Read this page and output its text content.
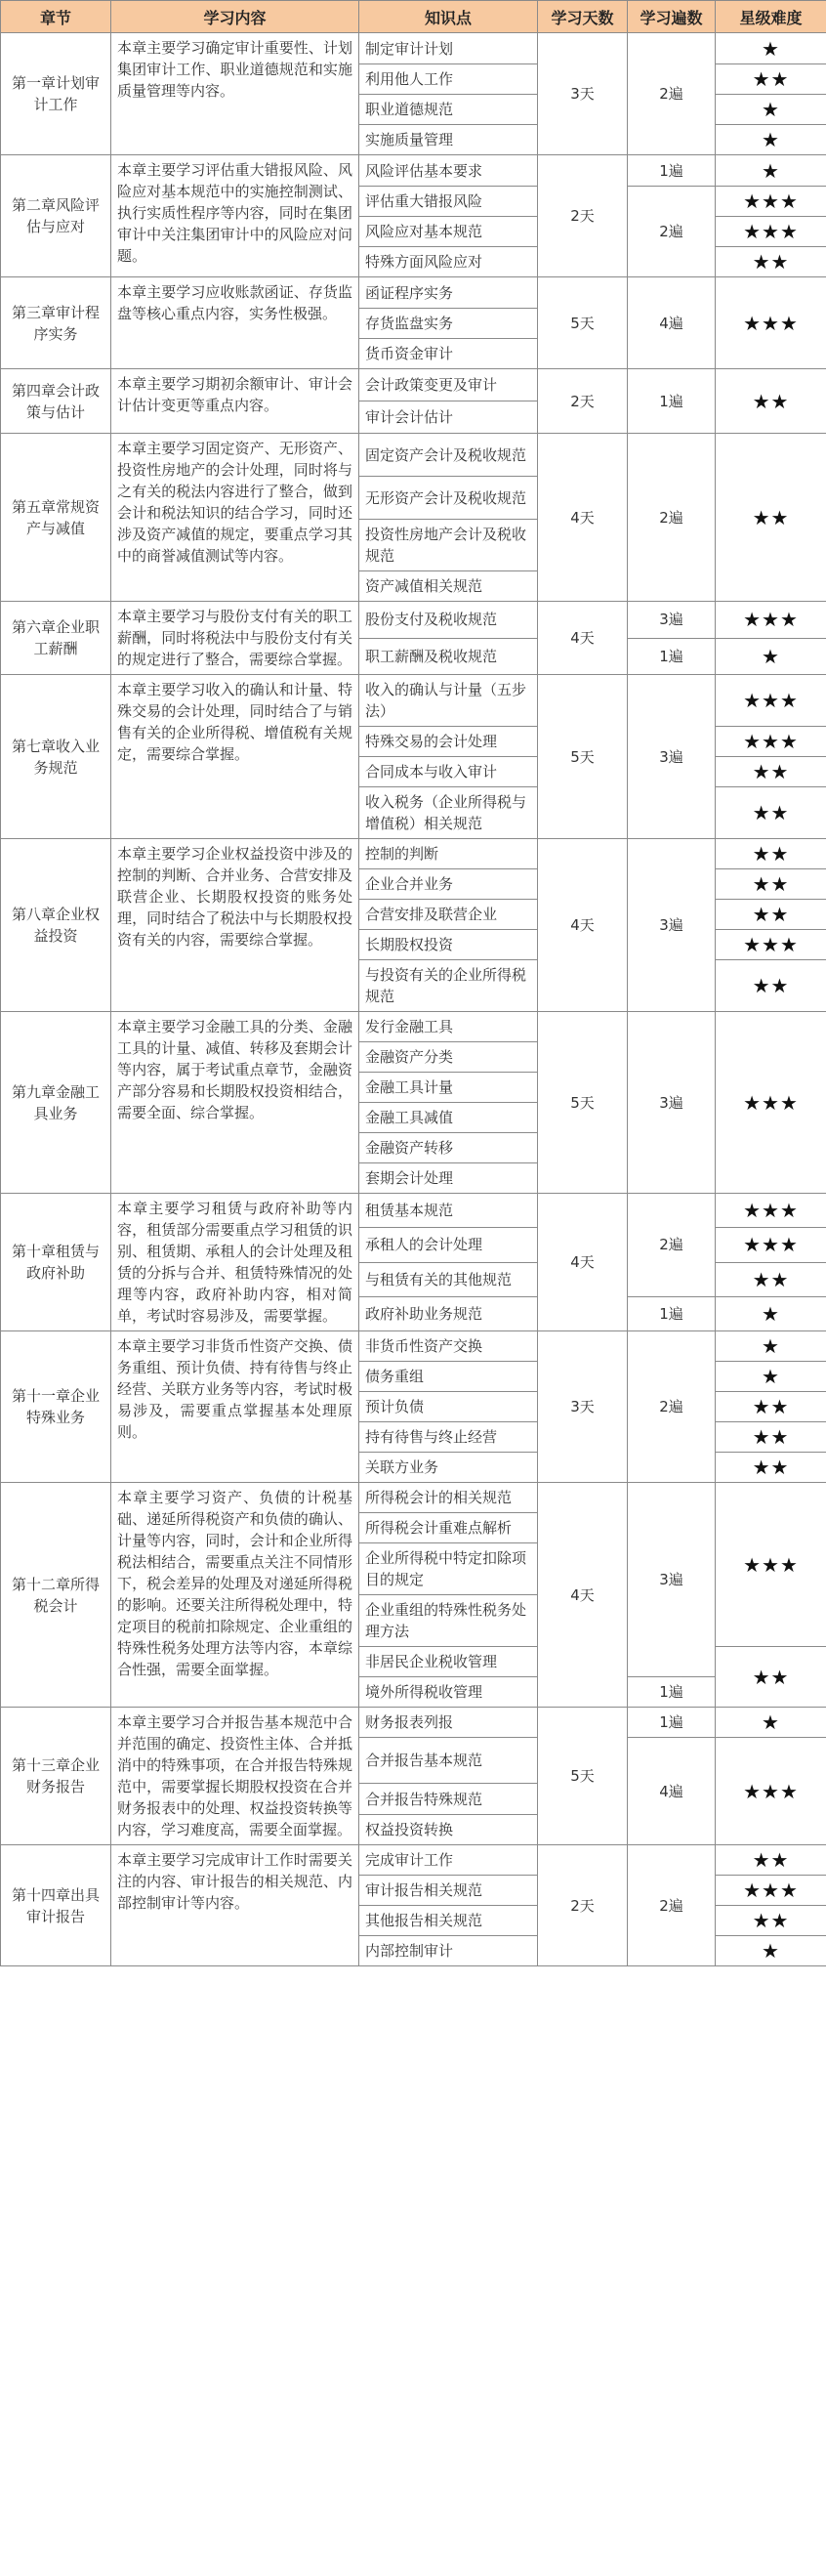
章节	学习内容	知识点	学习天数	学习遍数	星级难度
第一章计划审计工作	本章主要学习确定审计重要性、计划集团审计工作、职业道德规范和实施质量管理等内容。	制定审计计划	3天	2遍	★
		利用他人工作			★★
		职业道德规范			★
		实施质量管理			★
第二章风险评估与应对	本章主要学习评估重大错报风险、风险应对基本规范中的实施控制测试、执行实质性程序等内容，同时在集团审计中关注集团审计中的风险应对问题。	风险评估基本要求	2天	1遍	★
		评估重大错报风险		2遍	★★★
		风险应对基本规范			★★★
		特殊方面风险应对			★★
第三章审计程序实务	本章主要学习应收账款函证、存货监盘等核心重点内容，实务性极强。	函证程序实务	5天	4遍	★★★
		存货监盘实务			
		货币资金审计			
第四章会计政策与估计	本章主要学习期初余额审计、审计会计估计变更等重点内容。	会计政策变更及审计	2天	1遍	★★
		审计会计估计			
第五章常规资产与减值	本章主要学习固定资产、无形资产、投资性房地产的会计处理，同时将与之有关的税法内容进行了整合，做到会计和税法知识的结合学习，同时还涉及资产减值的规定，要重点学习其中的商誉减值测试等内容。	固定资产会计及税收规范	4天	2遍	★★
		无形资产会计及税收规范			
		投资性房地产会计及税收规范			
		资产减值相关规范			
第六章企业职工薪酬	本章主要学习与股份支付有关的职工薪酬，同时将税法中与股份支付有关的规定进行了整合，需要综合掌握。	股份支付及税收规范	4天	3遍	★★★
		职工薪酬及税收规范		1遍	★
第七章收入业务规范	本章主要学习收入的确认和计量、特殊交易的会计处理，同时结合了与销售有关的企业所得税、增值税有关规定，需要综合掌握。	收入的确认与计量（五步法）	5天	3遍	★★★
		特殊交易的会计处理			★★★
		合同成本与收入审计			★★
		收入税务（企业所得税与增值税）相关规范			★★
第八章企业权益投资	本章主要学习企业权益投资中涉及的控制的判断、合并业务、合营安排及联营企业、长期股权投资的账务处理，同时结合了税法中与长期股权投资有关的内容，需要综合掌握。	控制的判断	4天	3遍	★★
		企业合并业务			★★
		合营安排及联营企业			★★
		长期股权投资			★★★
		与投资有关的企业所得税规范			★★
第九章金融工具业务	本章主要学习金融工具的分类、金融工具的计量、减值、转移及套期会计等内容，属于考试重点章节，金融资产部分容易和长期股权投资相结合，需要全面、综合掌握。	发行金融工具	5天	3遍	★★★
		金融资产分类			
		金融工具计量			
		金融工具减值			
		金融资产转移			
		套期会计处理			
第十章租赁与政府补助	本章主要学习租赁与政府补助等内容，租赁部分需要重点学习租赁的识别、租赁期、承租人的会计处理及租赁的分拆与合并、租赁特殊情况的处理等内容，政府补助内容，相对简单，考试时容易涉及，需要掌握。	租赁基本规范	4天	2遍	★★★
		承租人的会计处理			★★★
		与租赁有关的其他规范			★★
		政府补助业务规范		1遍	★
第十一章企业特殊业务	本章主要学习非货币性资产交换、债务重组、预计负债、持有待售与终止经营、关联方业务等内容，考试时极易涉及，需要重点掌握基本处理原则。	非货币性资产交换	3天	2遍	★
		债务重组			★
		预计负债			★★
		持有待售与终止经营			★★
		关联方业务			★★
第十二章所得税会计	本章主要学习资产、负债的计税基础、递延所得税资产和负债的确认、计量等内容，同时，会计和企业所得税法相结合，需要重点关注不同情形下，税会差异的处理及对递延所得税的影响。还要关注所得税处理中，特定项目的税前扣除规定、企业重组的特殊性税务处理方法等内容，本章综合性强，需要全面掌握。	所得税会计的相关规范	4天	3遍	★★★
		所得税会计重难点解析			
		企业所得税中特定扣除项目的规定			
		企业重组的特殊性税务处理方法			
		非居民企业税收管理			★★
		境外所得税收管理		1遍	
第十三章企业财务报告	本章主要学习合并报告基本规范中合并范围的确定、投资性主体、合并抵消中的特殊事项，在合并报告特殊规范中，需要掌握长期股权投资在合并财务报表中的处理、权益投资转换等内容，学习难度高，需要全面掌握。	财务报表列报	5天	1遍	★
		合并报告基本规范		4遍	★★★
		合并报告特殊规范			
		权益投资转换			
第十四章出具审计报告	本章主要学习完成审计工作时需要关注的内容、审计报告的相关规范、内部控制审计等内容。	完成审计工作	2天	2遍	★★
		审计报告相关规范			★★★
		其他报告相关规范			★★
		内部控制审计			★
